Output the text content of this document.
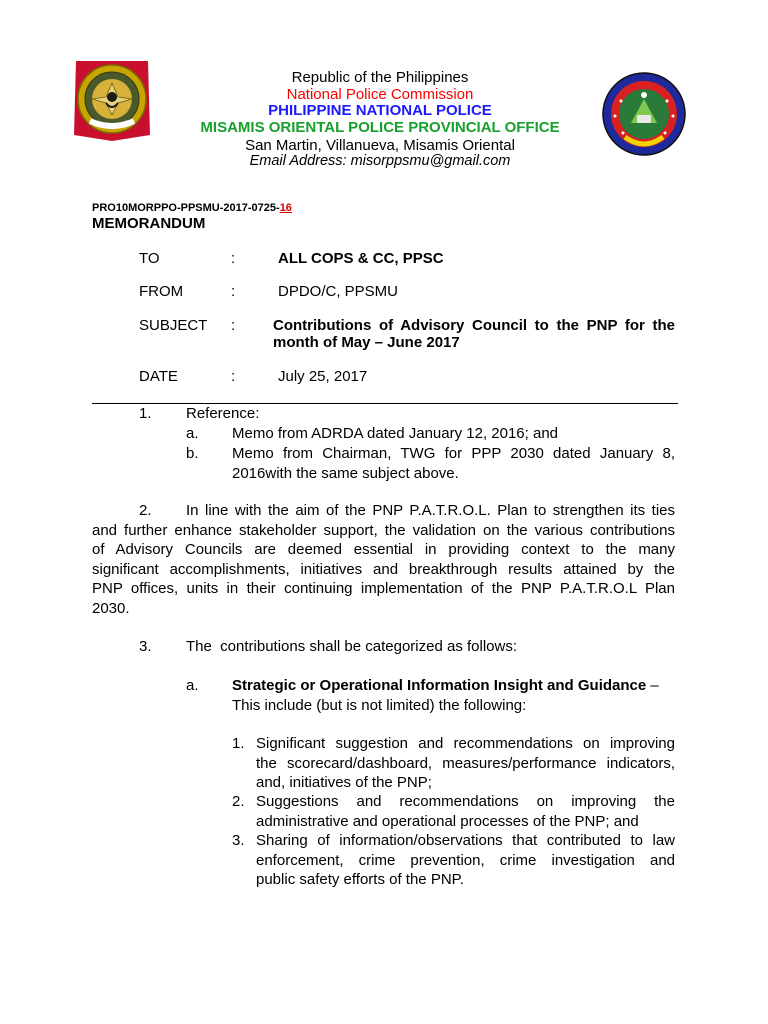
Republic of the Philippines
National Police Commission
PHILIPPINE NATIONAL POLICE
MISAMIS ORIENTAL POLICE PROVINCIAL OFFICE
San Martin, Villanueva, Misamis Oriental
Email Address: misorppsmu@gmail.com
PRO10MORPPO-PPSMU-2017-0725-16
MEMORANDUM
TO	:	ALL COPS & CC, PPSC
FROM	:	DPDO/C, PPSMU
SUBJECT :	Contributions of Advisory Council to the PNP for the
month of May – June 2017
DATE	:	July 25, 2017
1. Reference:
a. Memo from ADRDA dated January 12, 2016; and
b. Memo from Chairman, TWG for PPP 2030 dated January 8,
2016with the same subject above.
2.	In line with the aim of the PNP P.A.T.R.O.L. Plan to strengthen its ties
and further enhance stakeholder support, the validation on the various contributions
of Advisory Councils are deemed essential in providing context to the many
significant accomplishments, initiatives and breakthrough results attained by the
PNP offices, units in their continuing implementation of the PNP P.A.T.R.O.L Plan
2030.
3. The  contributions shall be categorized as follows:
a. Strategic or Operational Information Insight and Guidance –
This include (but is not limited) the following:
1. Significant suggestion and recommendations on improving
the scorecard/dashboard, measures/performance indicators,
and, initiatives of the PNP;
2. Suggestions and recommendations on improving the
administrative and operational processes of the PNP; and
3. Sharing of information/observations that contributed to law
enforcement, crime prevention, crime investigation and
public safety efforts of the PNP.
